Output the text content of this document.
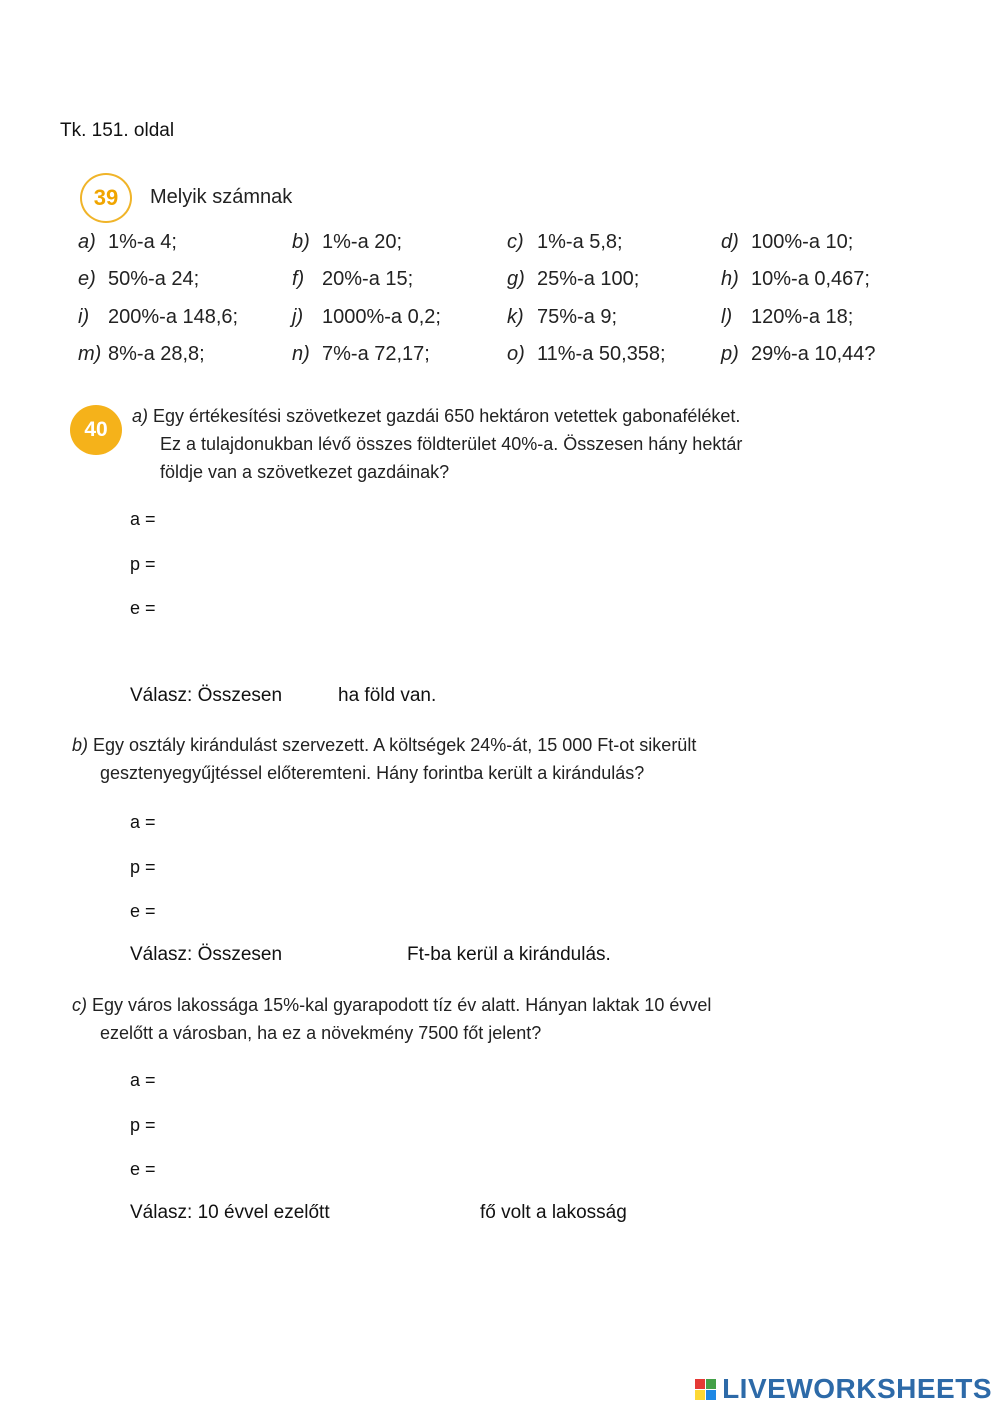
Tk. 151. oldal
39	Melyik számnak
a) 1%-a 4;	b) 1%-a 20;	c) 1%-a 5,8;	d) 100%-a 10;
e) 50%-a 24;	f) 20%-a 15;	g) 25%-a 100;	h) 10%-a 0,467;
i) 200%-a 148,6;	j) 1000%-a 0,2;	k) 75%-a 9;	l) 120%-a 18;
m) 8%-a 28,8;	n) 7%-a 72,17;	o) 11%-a 50,358;	p) 29%-a 10,44?
40
a) Egy értékesítési szövetkezet gazdái 650 hektáron vetettek gabonaféléket.
Ez a tulajdonukban lévő összes földterület 40%-a. Összesen hány hektár
földje van a szövetkezet gazdáinak?
a =
p =
e =
Válasz: Összesen	ha föld van.
b) Egy osztály kirándulást szervezett. A költségek 24%-át, 15 000 Ft-ot sikerült
gesztenyegyűjtéssel előteremteni. Hány forintba került a kirándulás?
a =
p =
e =
Válasz: Összesen	Ft-ba kerül a kirándulás.
c) Egy város lakossága 15%-kal gyarapodott tíz év alatt. Hányan laktak 10 évvel
ezelőtt a városban, ha ez a növekmény 7500 főt jelent?
a =
p =
e =
Válasz: 10 évvel ezelőtt	fő volt a lakosság
LIVEWORKSHEETS
